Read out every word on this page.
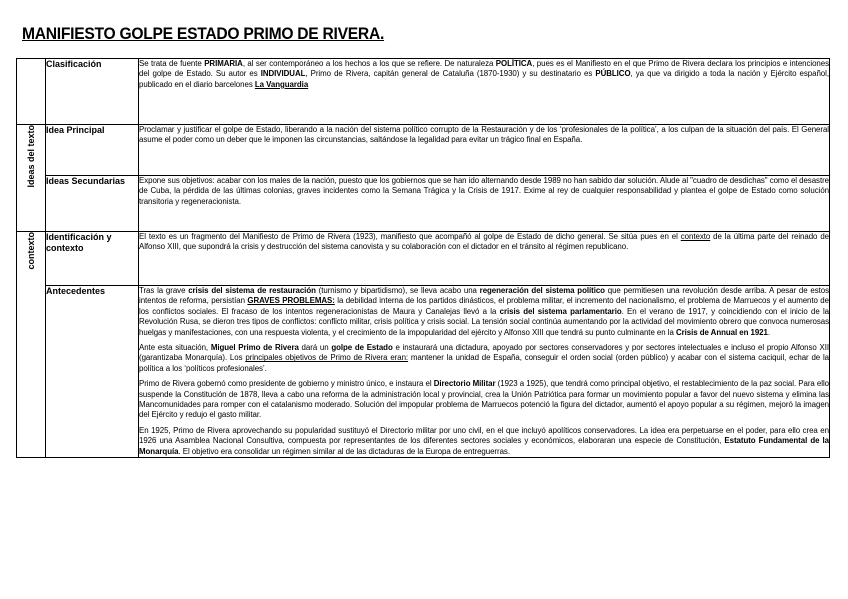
MANIFIESTO GOLPE ESTADO PRIMO DE RIVERA.
	Clasificación	Se trata de fuente PRIMARIA, al ser contemporáneo a los hechos a los que se refiere. De naturaleza POLÍTICA, pues es el Manifiesto en el que Primo de Rivera declara los principios e intenciones del golpe de Estado. Su autor es INDIVIDUAL, Primo de Rivera, capitán general de Cataluña (1870-1930) y su destinatario es PÚBLICO, ya que va dirigido a toda la nación y Ejército español, publicado en el diario barcelones La Vanguardia
Ideas del texto	Idea Principal	Proclamar y justificar el golpe de Estado, liberando a la nación del sistema político corrupto de la Restauración y de los ‘profesionales de la política’, a los culpan de la situación del país. El General asume el poder como un deber que le imponen las circunstancias, saltándose la legalidad para evitar un trágico final en España.
	Ideas Secundarias	Expone sus objetivos: acabar con los males de la nación, puesto que los gobiernos que se han ido alternando desde 1989 no han sabido dar solución. Alude al "cuadro de desdichas" como el desastre de Cuba, la pérdida de las últimas colonias, graves incidentes como la Semana Trágica y la Crisis de 1917. Exime al rey de cualquier responsabilidad y plantea el golpe de Estado como solución transitoria y regeneracionista.
contexto	Identificación y contexto	El texto es un fragmento del Manifiesto de Primo de Rivera (1923), manifiesto que acompañó al golpe de Estado de dicho general. Se sitúa pues en el contexto de la última parte del reinado de Alfonso XIII, que supondrá la crisis y destrucción del sistema canovista y su colaboración con el dictador en el tránsito al régimen republicano.
	Antecedentes	Tras la grave crisis del sistema de restauración (turnismo y bipartidismo), se lleva acabo una regeneración del sistema político que permitiesen una revolución desde arriba. A pesar de estos intentos de reforma, persistían GRAVES PROBLEMAS: la debilidad interna de los partidos dinásticos, el problema militar, el incremento del nacionalismo, el problema de Marruecos y el aumento de los conflictos sociales. El fracaso de los intentos regeneracionistas de Maura y Canalejas llevó a la crisis del sistema parlamentario. En el verano de 1917, y coincidiendo con el inicio de la Revolución Rusa, se dieron tres tipos de conflictos: conflicto militar, crisis política y crisis social. La tensión social continúa aumentando por la actividad del movimiento obrero que convoca numerosas huelgas y manifestaciones, con una respuesta violenta, y el crecimiento de la impopularidad del ejército y Alfonso XIII que tendrá su punto culminante en la Crisis de Annual en 1921.

Ante esta situación, Miguel Primo de Rivera dará un golpe de Estado e instaurará una dictadura, apoyado por sectores conservadores y por sectores intelectuales e incluso el propio Alfonso XII (garantizaba Monarquía). Los principales objetivos de Primo de Rivera eran: mantener la unidad de España, conseguir el orden social (orden público) y acabar con el sistema caciquil, echar de la política a los ‘políticos profesionales’.

Primo de Rivera gobernó como presidente de gobierno y ministro único, e instaura el Directorio Militar (1923 a 1925), que tendrá como principal objetivo, el restablecimiento de la paz social. Para ello suspende la Constitución de 1878, lleva a cabo una reforma de la administración local y provincial, crea la Unión Patriótica para formar un movimiento popular a favor del nuevo sistema y elimina las Mancomunidades para romper con el catalanismo moderado. Solución del impopular problema de Marruecos potenció la figura del dictador, aumentó el apoyo popular a su régimen, mejoró la imagen del Ejército y redujo el gasto militar.

En 1925, Primo de Rivera aprovechando su popularidad sustituyó el Directorio militar por uno civil, en el que incluyó apolíticos conservadores. La idea era perpetuarse en el poder, para ello crea en 1926 una Asamblea Nacional Consultiva, compuesta por representantes de los diferentes sectores sociales y económicos, elaboraran una especie de Constitución, Estatuto Fundamental de la Monarquía. El objetivo era consolidar un régimen similar al de las dictaduras de la Europa de entreguerras.
